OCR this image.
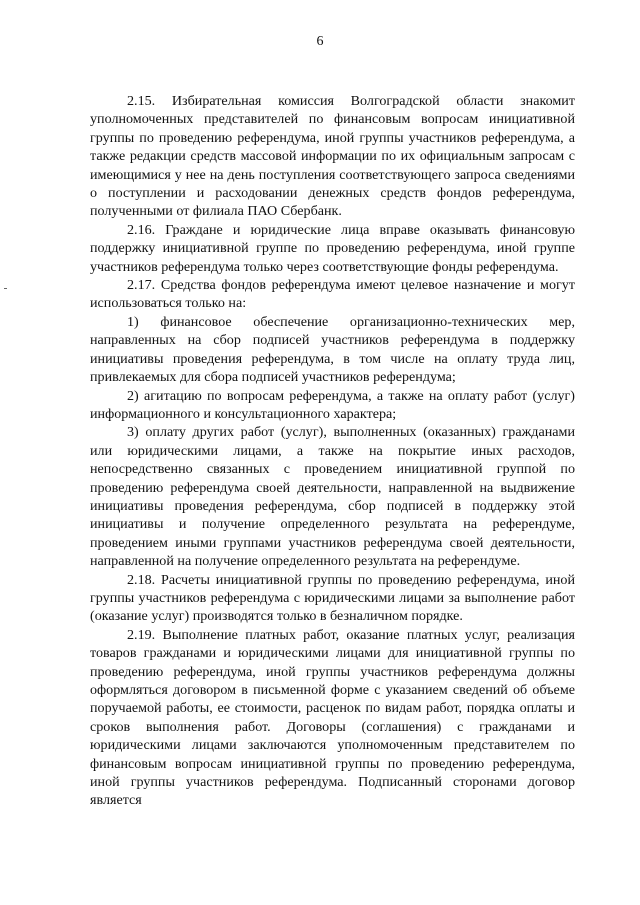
6

2.15. Избирательная комиссия Волгоградской области знакомит уполномоченных представителей по финансовым вопросам инициативной группы по проведению референдума, иной группы участников референдума, а также редакции средств массовой информации по их официальным запросам с имеющимися у нее на день поступления соответствующего запроса сведениями о поступлении и расходовании денежных средств фондов референдума, полученными от филиала ПАО Сбербанк.

2.16. Граждане и юридические лица вправе оказывать финансовую поддержку инициативной группе по проведению референдума, иной группе участников референдума только через соответствующие фонды референдума.

2.17. Средства фондов референдума имеют целевое назначение и могут использоваться только на:

1) финансовое обеспечение организационно-технических мер, направленных на сбор подписей участников референдума в поддержку инициативы проведения референдума, в том числе на оплату труда лиц, привлекаемых для сбора подписей участников референдума;

2) агитацию по вопросам референдума, а также на оплату работ (услуг) информационного и консультационного характера;

3) оплату других работ (услуг), выполненных (оказанных) гражданами или юридическими лицами, а также на покрытие иных расходов, непосредственно связанных с проведением инициативной группой по проведению референдума своей деятельности, направленной на выдвижение инициативы проведения референдума, сбор подписей в поддержку этой инициативы и получение определенного результата на референдуме, проведением иными группами участников референдума своей деятельности, направленной на получение определенного результата на референдуме.

2.18. Расчеты инициативной группы по проведению референдума, иной группы участников референдума с юридическими лицами за выполнение работ (оказание услуг) производятся только в безналичном порядке.

2.19. Выполнение платных работ, оказание платных услуг, реализация товаров гражданами и юридическими лицами для инициативной группы по проведению референдума, иной группы участников референдума должны оформляться договором в письменной форме с указанием сведений об объеме поручаемой работы, ее стоимости, расценок по видам работ, порядка оплаты и сроков выполнения работ. Договоры (соглашения) с гражданами и юридическими лицами заключаются уполномоченным представителем по финансовым вопросам инициативной группы по проведению референдума, иной группы участников референдума. Подписанный сторонами договор является
